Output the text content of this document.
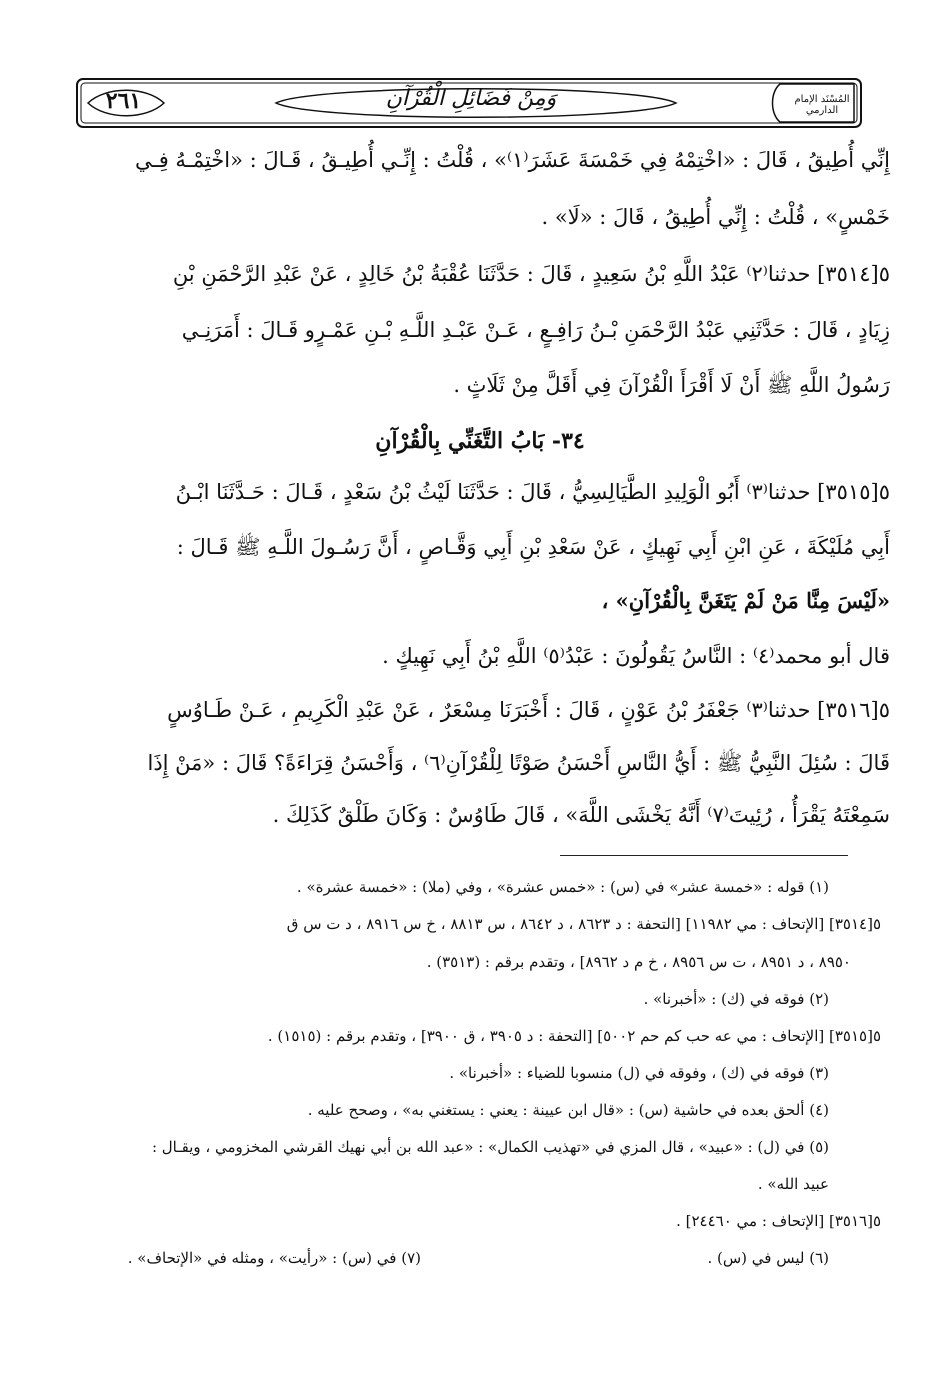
٢٦١	وَمِنْ فَضَائِلِ الْقُرْآنِ	المُسْنَد الإمام الدارمي
إِنِّي أُطِيقُ ، قَالَ : «اخْتِمْهُ فِي خَمْسَةَ عَشَرَ⁽١⁾» ، قُلْتُ : إِنِّـي أُطِيـقُ ، قَـالَ : «اخْتِمْـهُ فِـي
خَمْسٍ» ، قُلْتُ : إِنِّي أُطِيقُ ، قَالَ : «لَا» .
٥[٣٥١٤] حدثنا⁽٢⁾ عَبْدُ اللَّهِ بْنُ سَعِيدٍ ، قَالَ : حَدَّثَنَا عُقْبَةُ بْنُ خَالِدٍ ، عَنْ عَبْدِ الرَّحْمَنِ بْنِ
زِيَادٍ ، قَالَ : حَدَّثَنِي عَبْدُ الرَّحْمَنِ بْـنُ رَافِـعٍ ، عَـنْ عَبْـدِ اللَّـهِ بْـنِ عَمْـرٍو قَـالَ : أَمَرَنِـي
رَسُولُ اللَّهِ ﷺ أَنْ لَا أَقْرَأَ الْقُرْآنَ فِي أَقَلَّ مِنْ ثَلَاثٍ .
٥[٣٥١٥] حدثنا⁽٣⁾ أَبُو الْوَلِيدِ الطَّيَالِسِيُّ ، قَالَ : حَدَّثَنَا لَيْثُ بْنُ سَعْدٍ ، قَـالَ : حَـدَّثَنَا ابْـنُ
أَبِي مُلَيْكَةَ ، عَنِ ابْنِ أَبِي نَهِيكٍ ، عَنْ سَعْدِ بْنِ أَبِي وَقَّـاصٍ ، أَنَّ رَسُـولَ اللَّـهِ ﷺ قَـالَ :
«لَيْسَ مِنَّا مَنْ لَمْ يَتَغَنَّ بِالْقُرْآنِ» ،
قال أبو محمد⁽٤⁾ : النَّاسُ يَقُولُونَ : عَبْدُ⁽٥⁾ اللَّهِ بْنُ أَبِي نَهِيكٍ .
٥[٣٥١٦] حدثنا⁽٣⁾ جَعْفَرُ بْنُ عَوْنٍ ، قَالَ : أَخْبَرَنَا مِسْعَرٌ ، عَنْ عَبْدِ الْكَرِيمِ ، عَـنْ طَـاوُسٍ
قَالَ : سُئِلَ النَّبِيُّ ﷺ : أَيُّ النَّاسِ أَحْسَنُ صَوْتًا لِلْقُرْآنِ⁽٦⁾ ، وَأَحْسَنُ قِرَاءَةً؟ قَالَ : «مَنْ إِذَا
سَمِعْتَهُ يَقْرَأُ ، رُئِيتَ⁽٧⁾ أَنَّهُ يَخْشَى اللَّهَ» ، قَالَ طَاوُسٌ : وَكَانَ طَلْقٌ كَذَلِكَ .
٣٤- بَابُ التَّغَنِّي بِالْقُرْآنِ
(١) قوله : «خمسة عشر» في (س) : «خمس عشرة» ، وفي (ملا) : «خمسة عشرة» .
٥[٣٥١٤] [الإتحاف : مي ١١٩٨٢] [التحفة : د ٨٦٢٣ ، د ٨٦٤٢ ، س ٨٨١٣ ، خ س ٨٩١٦ ، د ت س ق
٨٩٥٠ ، د ٨٩٥١ ، ت س ٨٩٥٦ ، خ م د ٨٩٦٢] ، وتقدم برقم : (٣٥١٣) .
(٢) فوقه في (ك) : «أخبرنا» .
٥[٣٥١٥] [الإتحاف : مي عه حب كم حم ٥٠٠٢] [التحفة : د ٣٩٠٥ ، ق ٣٩٠٠] ، وتقدم برقم : (١٥١٥) .
(٣) فوقه في (ك) ، وفوقه في (ل) منسوبا للضياء : «أخبرنا» .
(٤) ألحق بعده في حاشية (س) : «قال ابن عيينة : يعني : يستغني به» ، وصحح عليه .
(٥) في (ل) : «عبيد» ، قال المزي في «تهذيب الكمال» : «عبد الله بن أبي نهيك القرشي المخزومي ، ويقـال :
عبيد الله» .
٥[٣٥١٦] [الإتحاف : مي ٢٤٤٦٠] .
(٦) ليس في (س) .
(٧) في (س) : «رأيت» ، ومثله في «الإتحاف» .
